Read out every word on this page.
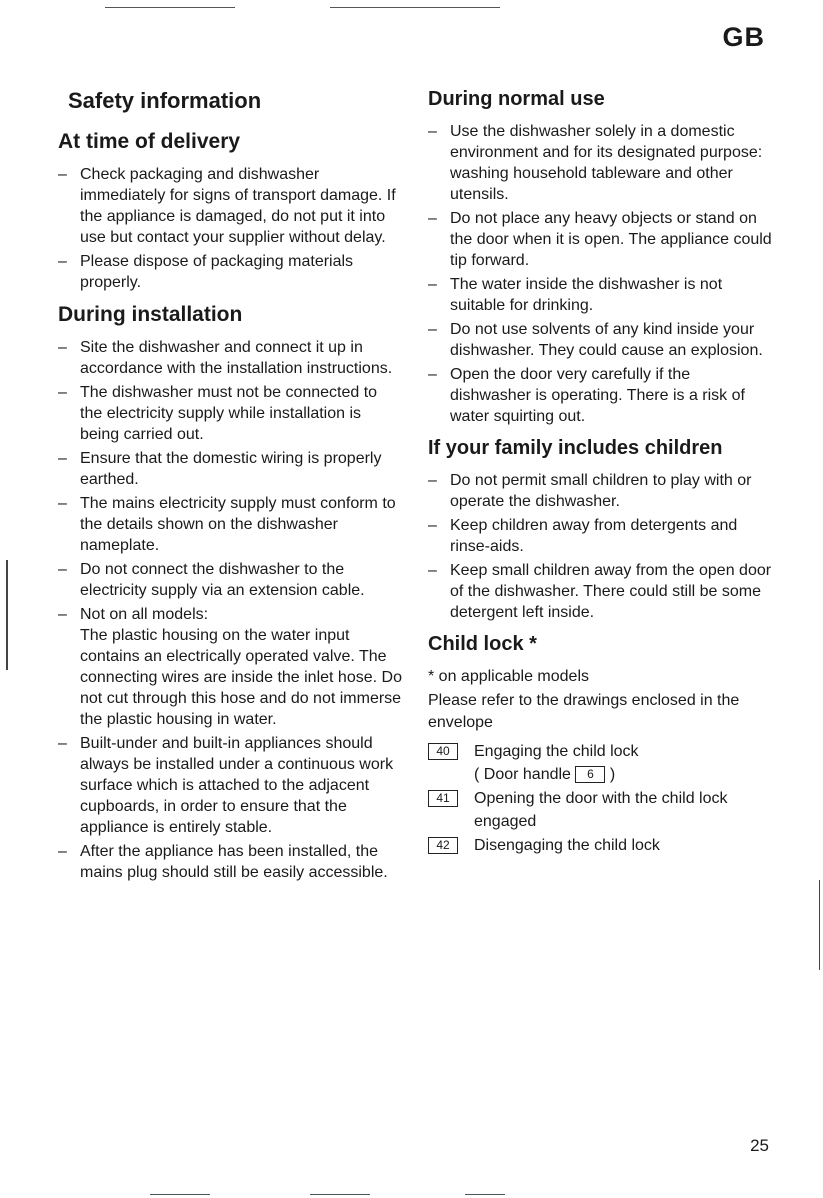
GB
Safety information
At time of delivery
– Check packaging and dishwasher immediately for signs of transport damage. If the appliance is damaged, do not put it into use but contact your supplier without delay.
– Please dispose of packaging materials properly.
During installation
– Site the dishwasher and connect it up in accordance with the installation instructions.
– The dishwasher must not be connected to the electricity supply while installation is being carried out.
– Ensure that the domestic wiring is properly earthed.
– The mains electricity supply must conform to the details shown on the dishwasher nameplate.
– Do not connect the dishwasher to the electricity supply via an extension cable.
– Not on all models:
The plastic housing on the water input contains an electrically operated valve. The connecting wires are inside the inlet hose. Do not cut through this hose and do not immerse the plastic housing in water.
– Built-under and built-in appliances should always be installed under a continuous work surface which is attached to the adjacent cupboards, in order to ensure that the appliance is entirely stable.
– After the appliance has been installed, the mains plug should still be easily accessible.
During normal use
– Use the dishwasher solely in a domestic environment and for its designated purpose: washing household tableware and other utensils.
– Do not place any heavy objects or stand on the door when it is open. The appliance could tip forward.
– The water inside the dishwasher is not suitable for drinking.
– Do not use solvents of any kind inside your dishwasher. They could cause an explosion.
– Open the door very carefully if the dishwasher is operating. There is a risk of water squirting out.
If your family includes children
– Do not permit small children to play with or operate the dishwasher.
– Keep children away from detergents and rinse-aids.
– Keep small children away from the open door of the dishwasher. There could still be some detergent left inside.
Child lock *

* on applicable models

Please refer to the drawings enclosed in the envelope

40	Engaging the child lock
( Door handle 6 )
41	Opening the door with the child lock engaged
42	Disengaging the child lock
25
